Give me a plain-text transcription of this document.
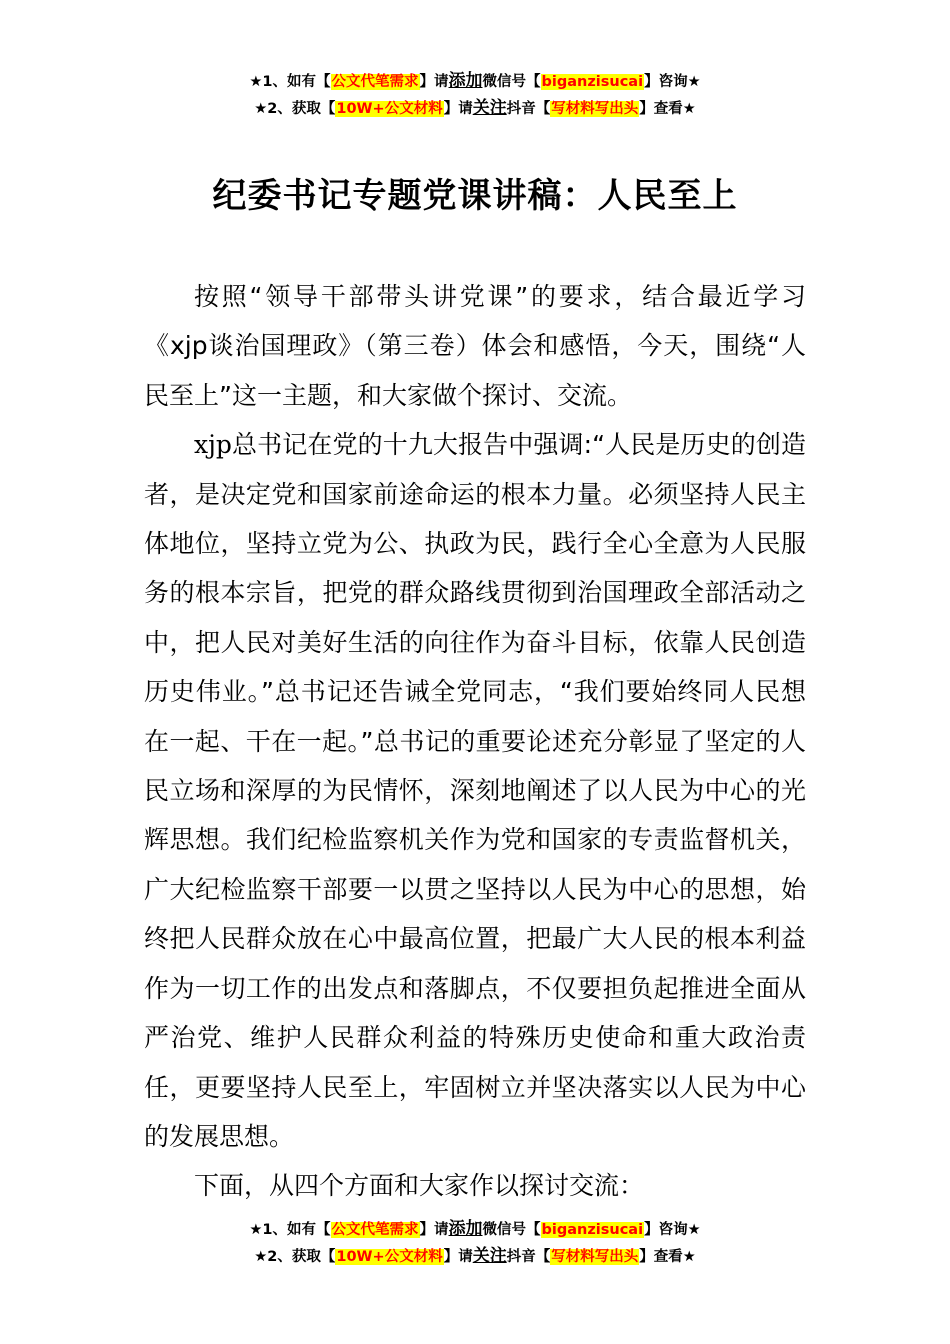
★1、如有【公文代笔需求】请添加微信号【biganzisucai】咨询★
★2、获取【10W+公文材料】请关注抖音【写材料写出头】查看★
纪委书记专题党课讲稿：人民至上

按照“领导干部带头讲党课”的要求，结合最近学习《xjp谈治国理政》（第三卷）体会和感悟，今天，围绕“人民至上”这一主题，和大家做个探讨、交流。

xjp总书记在党的十九大报告中强调:“人民是历史的创造者，是决定党和国家前途命运的根本力量。必须坚持人民主体地位，坚持立党为公、执政为民，践行全心全意为人民服务的根本宗旨，把党的群众路线贯彻到治国理政全部活动之中，把人民对美好生活的向往作为奋斗目标，依靠人民创造历史伟业。”总书记还告诫全党同志，“我们要始终同人民想在一起、干在一起。”总书记的重要论述充分彰显了坚定的人民立场和深厚的为民情怀，深刻地阐述了以人民为中心的光辉思想。我们纪检监察机关作为党和国家的专责监督机关，广大纪检监察干部要一以贯之坚持以人民为中心的思想，始终把人民群众放在心中最高位置，把最广大人民的根本利益作为一切工作的出发点和落脚点，不仅要担负起推进全面从严治党、维护人民群众利益的特殊历史使命和重大政治责任，更要坚持人民至上，牢固树立并坚决落实以人民为中心的发展思想。

下面，从四个方面和大家作以探讨交流：

★1、如有【公文代笔需求】请添加微信号【biganzisucai】咨询★
★2、获取【10W+公文材料】请关注抖音【写材料写出头】查看★
